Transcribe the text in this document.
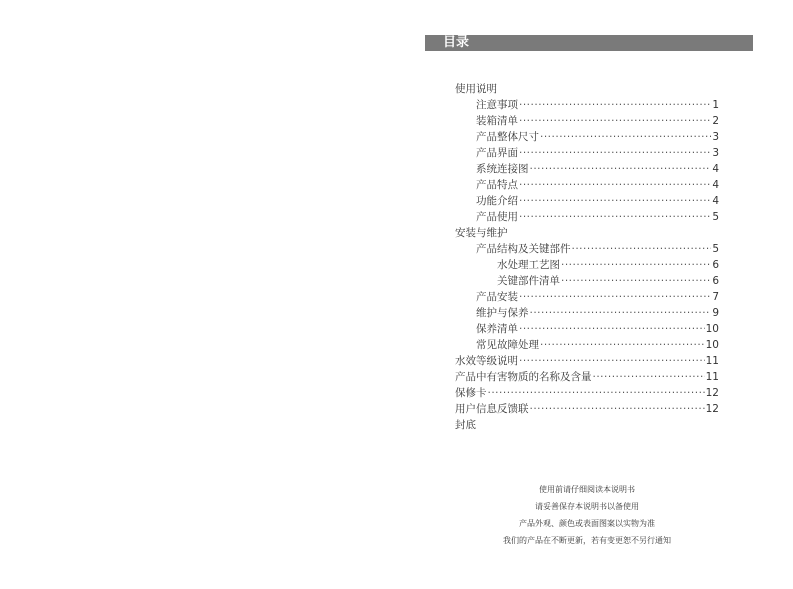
目录
使用说明
注意事项 ·····	1
装箱清单 ·····	2
产品整体尺寸 ·····	3
产品界面 ·····	3
系统连接图 ·····	4
产品特点 ·····	4
功能介绍 ·····	4
产品使用 ·····	5
安装与维护
产品结构及关键部件 ·····	5
水处理工艺图 ·····	6
关键部件清单 ·····	6
产品安装 ·····	7
维护与保养 ·····	9
保养清单 ·····	10
常见故障处理 ·····	10
水效等级说明 ·····	11
产品中有害物质的名称及含量 ·····	11
保修卡 ·····	12
用户信息反馈联 ·····	12
封底
使用前请仔细阅读本说明书
请妥善保存本说明书以备使用
产品外观、颜色或表面图案以实物为准
我们的产品在不断更新，若有变更恕不另行通知
